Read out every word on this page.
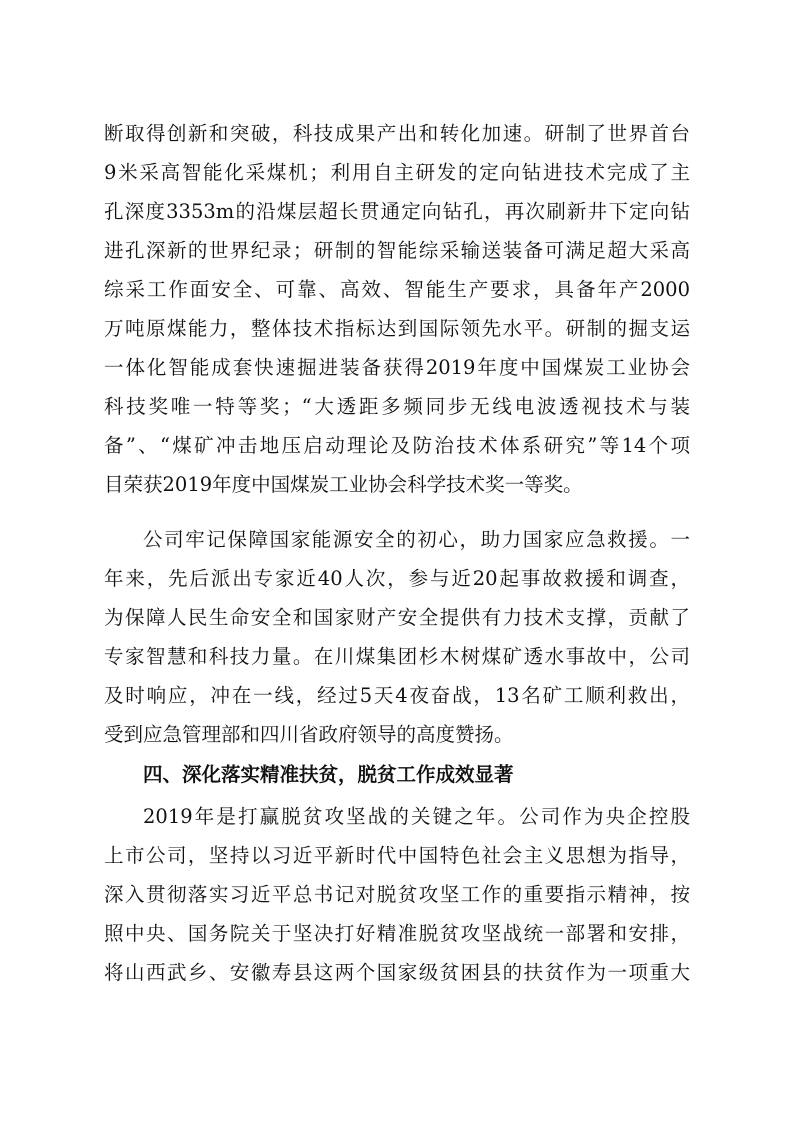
断取得创新和突破，科技成果产出和转化加速。研制了世界首台
9米采高智能化采煤机；利用自主研发的定向钻进技术完成了主
孔深度3353m的沿煤层超长贯通定向钻孔，再次刷新井下定向钻
进孔深新的世界纪录；研制的智能综采输送装备可满足超大采高
综采工作面安全、可靠、高效、智能生产要求，具备年产2000
万吨原煤能力，整体技术指标达到国际领先水平。研制的掘支运
一体化智能成套快速掘进装备获得2019年度中国煤炭工业协会
科技奖唯一特等奖；“大透距多频同步无线电波透视技术与装
备”、“煤矿冲击地压启动理论及防治技术体系研究”等14个项
目荣获2019年度中国煤炭工业协会科学技术奖一等奖。
公司牢记保障国家能源安全的初心，助力国家应急救援。一
年来，先后派出专家近40人次，参与近20起事故救援和调查，
为保障人民生命安全和国家财产安全提供有力技术支撑，贡献了
专家智慧和科技力量。在川煤集团杉木树煤矿透水事故中，公司
及时响应，冲在一线，经过5天4夜奋战，13名矿工顺利救出，
受到应急管理部和四川省政府领导的高度赞扬。
四、深化落实精准扶贫，脱贫工作成效显著
2019年是打赢脱贫攻坚战的关键之年。公司作为央企控股
上市公司，坚持以习近平新时代中国特色社会主义思想为指导，
深入贯彻落实习近平总书记对脱贫攻坚工作的重要指示精神，按
照中央、国务院关于坚决打好精准脱贫攻坚战统一部署和安排，
将山西武乡、安徽寿县这两个国家级贫困县的扶贫作为一项重大
